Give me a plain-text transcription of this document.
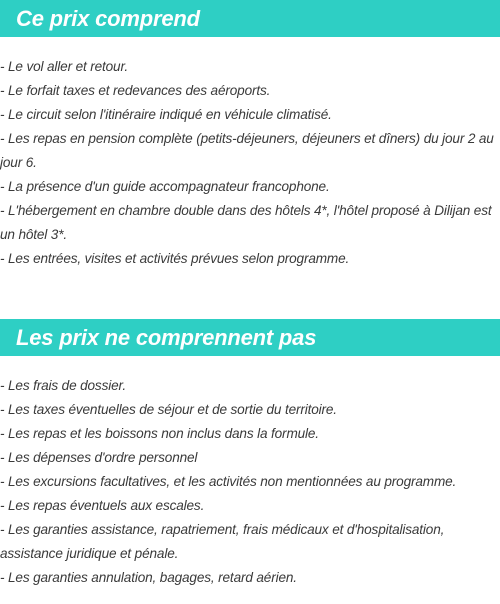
Ce prix comprend
- Le vol aller et retour.
- Le forfait taxes et redevances des aéroports.
- Le circuit selon l'itinéraire indiqué en véhicule climatisé.
- Les repas en pension complète (petits-déjeuners, déjeuners et dîners) du jour 2 au jour 6.
- La présence d'un guide accompagnateur francophone.
- L'hébergement en chambre double dans des hôtels 4*, l'hôtel proposé à Dilijan est un hôtel 3*.
- Les entrées, visites et activités prévues selon programme.
Les prix ne comprennent pas
- Les frais de dossier.
- Les taxes éventuelles de séjour et de sortie du territoire.
- Les repas et les boissons non inclus dans la formule.
- Les dépenses d'ordre personnel
- Les excursions facultatives, et les activités non mentionnées au programme.
- Les repas éventuels aux escales.
- Les garanties assistance, rapatriement, frais médicaux et d'hospitalisation, assistance juridique et pénale.
- Les garanties annulation, bagages, retard aérien.
